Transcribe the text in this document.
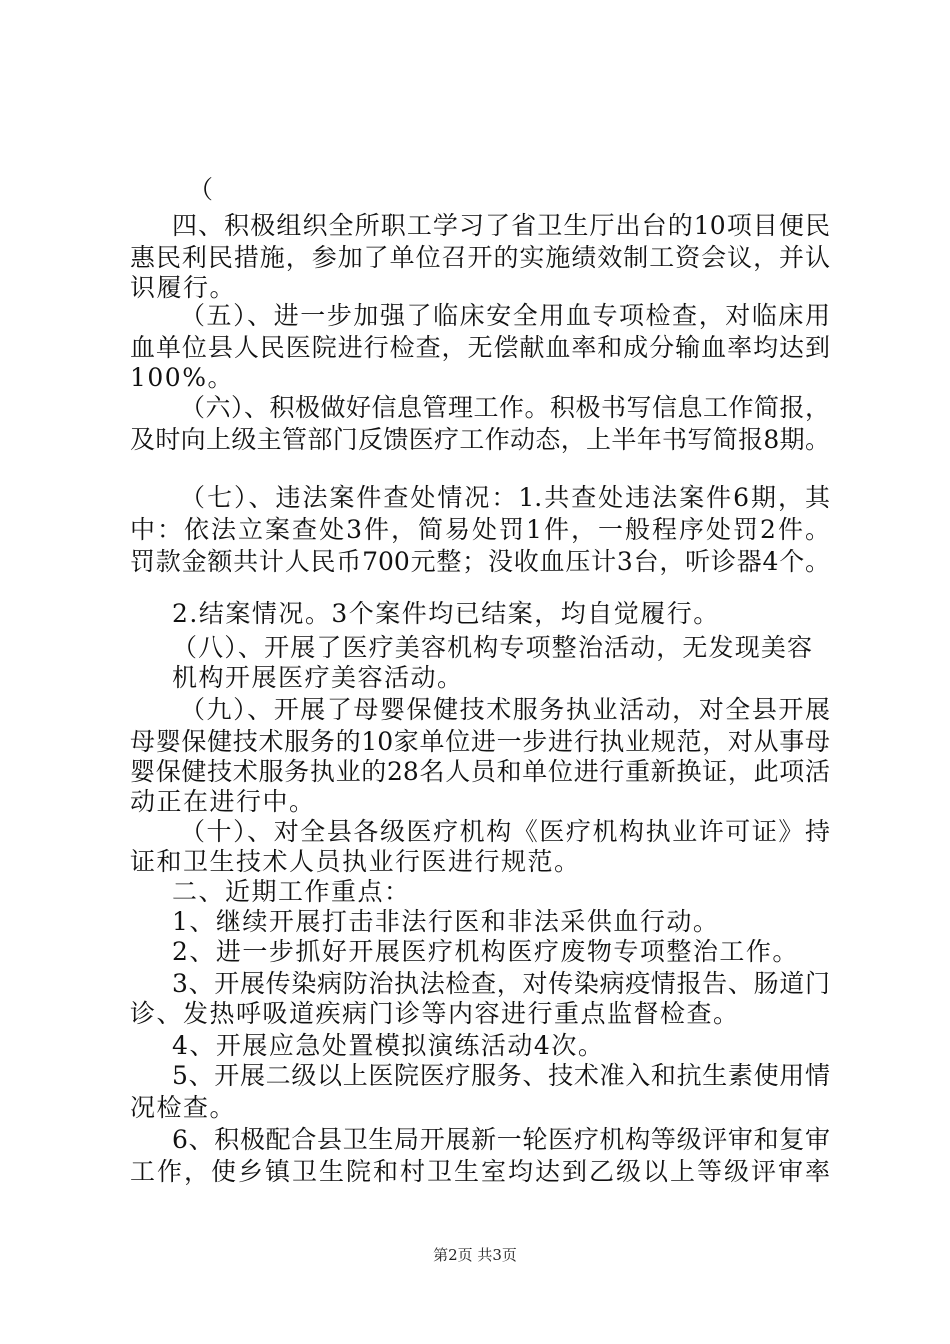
（
四、积极组织全所职工学习了省卫生厅出台的10项目便民
惠民利民措施，参加了单位召开的实施绩效制工资会议，并认
识履行。
（五）、进一步加强了临床安全用血专项检查，对临床用
血单位县人民医院进行检查，无偿献血率和成分输血率均达到
100%。
（六）、积极做好信息管理工作。积极书写信息工作简报，
及时向上级主管部门反馈医疗工作动态，上半年书写简报8期。
（七）、违法案件查处情况：1.共查处违法案件6期，其
中：依法立案查处3件，简易处罚1件，一般程序处罚2件。
罚款金额共计人民币700元整；没收血压计3台，听诊器4个。
2.结案情况。3个案件均已结案，均自觉履行。
（八）、开展了医疗美容机构专项整治活动，无发现美容
机构开展医疗美容活动。
（九）、开展了母婴保健技术服务执业活动，对全县开展
母婴保健技术服务的10家单位进一步进行执业规范，对从事母
婴保健技术服务执业的28名人员和单位进行重新换证，此项活
动正在进行中。
（十）、对全县各级医疗机构《医疗机构执业许可证》持
证和卫生技术人员执业行医进行规范。
二、近期工作重点：
1、继续开展打击非法行医和非法采供血行动。
2、进一步抓好开展医疗机构医疗废物专项整治工作。
3、开展传染病防治执法检查，对传染病疫情报告、肠道门
诊、发热呼吸道疾病门诊等内容进行重点监督检查。
4、开展应急处置模拟演练活动4次。
5、开展二级以上医院医疗服务、技术准入和抗生素使用情
况检查。
6、积极配合县卫生局开展新一轮医疗机构等级评审和复审
工作，使乡镇卫生院和村卫生室均达到乙级以上等级评审率
第2页 共3页
